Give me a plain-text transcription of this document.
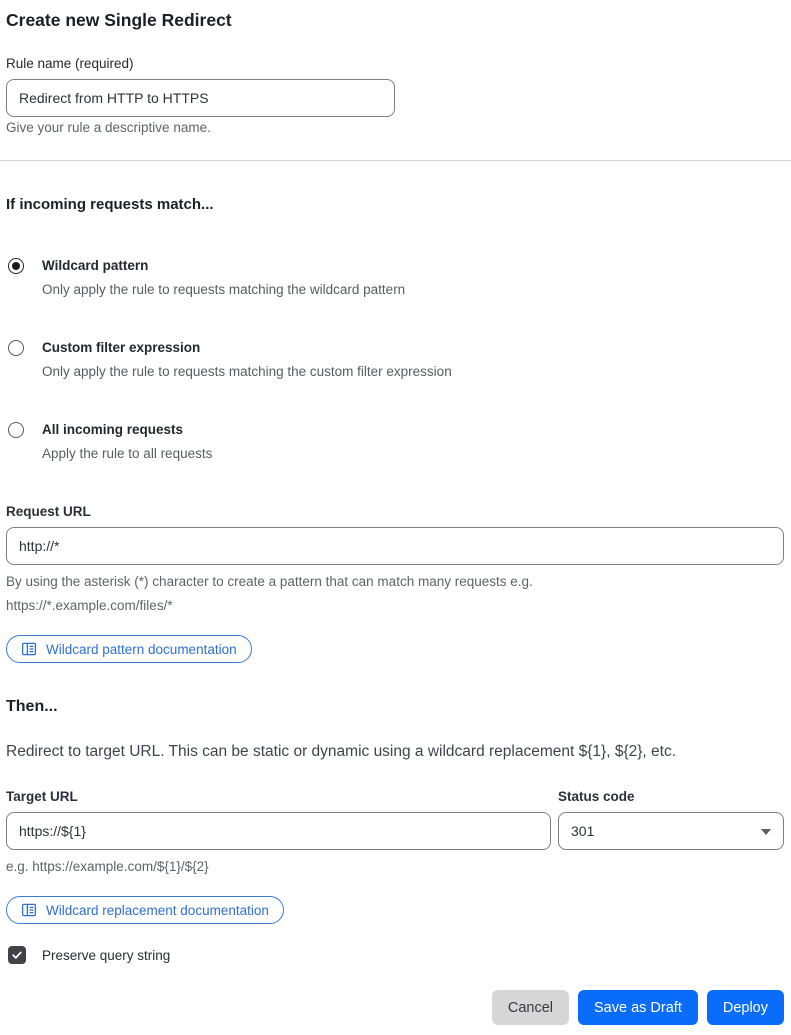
Create new Single Redirect
Rule name (required)
Redirect from HTTP to HTTPS
Give your rule a descriptive name.
If incoming requests match...
Wildcard pattern
Only apply the rule to requests matching the wildcard pattern
Custom filter expression
Only apply the rule to requests matching the custom filter expression
All incoming requests
Apply the rule to all requests
Request URL
http://*
By using the asterisk (*) character to create a pattern that can match many requests e.g.
https://*.example.com/files/*
Wildcard pattern documentation
Then...
Redirect to target URL. This can be static or dynamic using a wildcard replacement ${1}, ${2}, etc.
Target URL
https://${1}
e.g. https://example.com/${1}/${2}
Status code
301
Wildcard replacement documentation
Preserve query string
Cancel	Save as Draft	Deploy
